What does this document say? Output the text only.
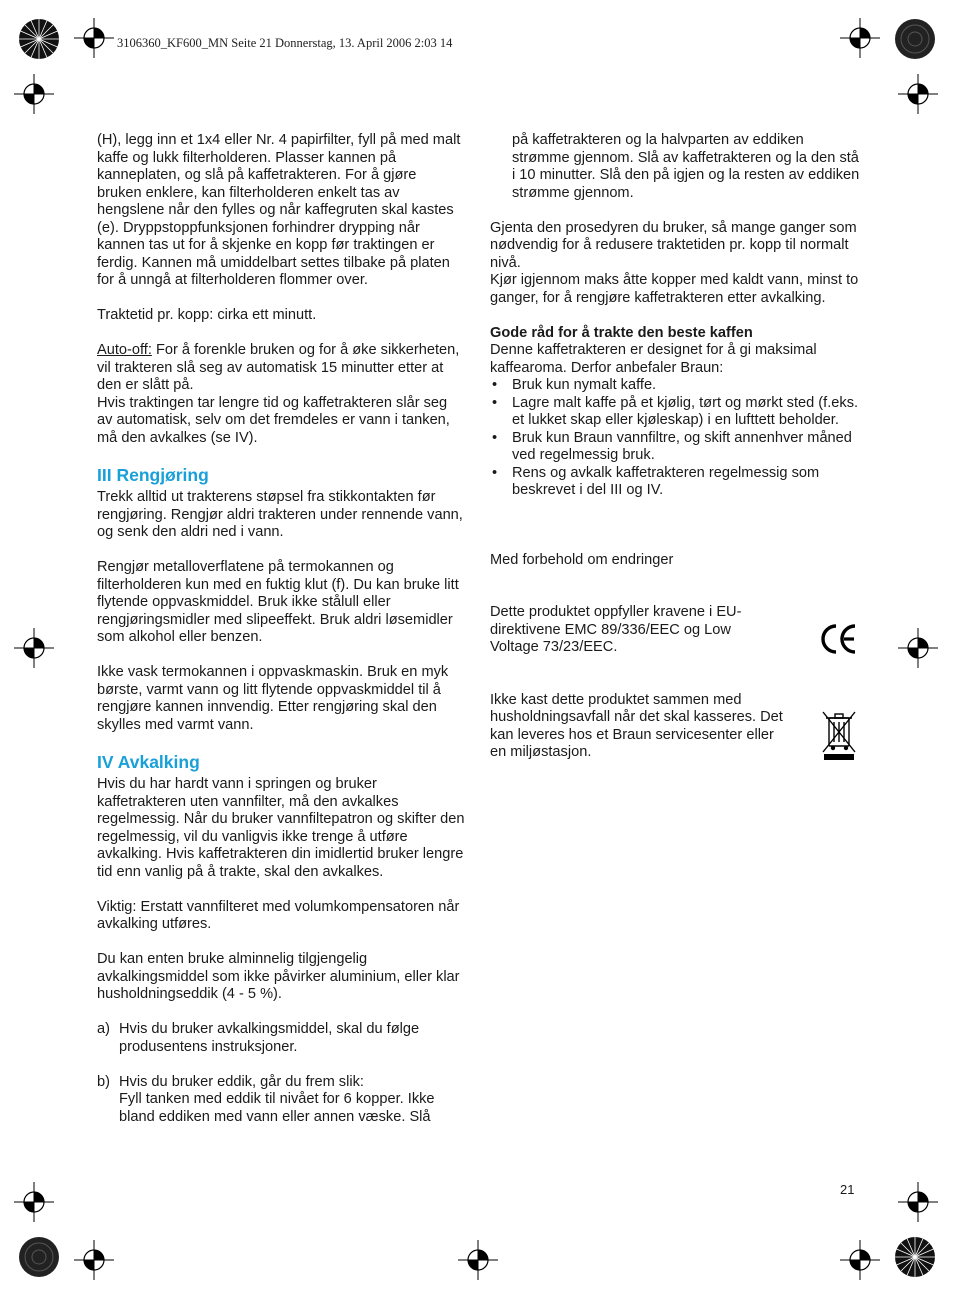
3106360_KF600_MN Seite 21 Donnerstag, 13. April 2006 2:03 14

(H), legg inn et 1x4 eller Nr. 4 papirfilter, fyll på med malt kaffe og lukk filterholderen. Plasser kannen på kanneplaten, og slå på kaffetrakteren. For å gjøre bruken enklere, kan filterholderen enkelt tas av hengslene når den fylles og når kaffegruten skal kastes (e). Dryppstoppfunksjonen forhindrer drypping når kannen tas ut for å skjenke en kopp før traktingen er ferdig. Kannen må umiddelbart settes tilbake på platen for å unngå at filterholderen flommer over.

Traktetid pr. kopp: cirka ett minutt.

Auto-off: For å forenkle bruken og for å øke sikkerheten, vil trakteren slå seg av automatisk 15 minutter etter at den er slått på.

Hvis traktingen tar lengre tid og kaffetrakteren slår seg av automatisk, selv om det fremdeles er vann i tanken, må den avkalkes (se IV).

III Rengjøring

Trekk alltid ut trakterens støpsel fra stikkontakten før rengjøring. Rengjør aldri trakteren under rennende vann, og senk den aldri ned i vann.

Rengjør metalloverflatene på termokannen og filterholderen kun med en fuktig klut (f). Du kan bruke litt flytende oppvaskmiddel. Bruk ikke stålull eller rengjøringsmidler med slipeeffekt. Bruk aldri løsemidler som alkohol eller benzen.

Ikke vask termokannen i oppvaskmaskin. Bruk en myk børste, varmt vann og litt flytende oppvaskmiddel til å rengjøre kannen innvendig. Etter rengjøring skal den skylles med varmt vann.

IV Avkalking

Hvis du har hardt vann i springen og bruker kaffetrakteren uten vannfilter, må den avkalkes regelmessig. Når du bruker vannfiltepatron og skifter den regelmessig, vil du vanligvis ikke trenge å utføre avkalking. Hvis kaffetrakteren din imidlertid bruker lengre tid enn vanlig på å trakte, skal den avkalkes.

Viktig: Erstatt vannfilteret med volumkompensatoren når avkalking utføres.

Du kan enten bruke alminnelig tilgjengelig avkalkingsmiddel som ikke påvirker aluminium, eller klar husholdningseddik (4 - 5 %).

a) Hvis du bruker avkalkingsmiddel, skal du følge produsentens instruksjoner.
b) Hvis du bruker eddik, går du frem slik:
Fyll tanken med eddik til nivået for 6 kopper. Ikke bland eddiken med vann eller annen væske. Slå

på kaffetrakteren og la halvparten av eddiken strømme gjennom. Slå av kaffetrakteren og la den stå i 10 minutter. Slå den på igjen og la resten av eddiken strømme gjennom.

Gjenta den prosedyren du bruker, så mange ganger som nødvendig for å redusere traktetiden pr. kopp til normalt nivå.

Kjør igjennom maks åtte kopper med kaldt vann, minst to ganger, for å rengjøre kaffetrakteren etter avkalking.

Gode råd for å trakte den beste kaffen

Denne kaffetrakteren er designet for å gi maksimal kaffearoma. Derfor anbefaler Braun:

•	Bruk kun nymalt kaffe.
•	Lagre malt kaffe på et kjølig, tørt og mørkt sted (f.eks. et lukket skap eller kjøleskap) i en lufttett beholder.
•	Bruk kun Braun vannfiltre, og skift annenhver måned ved regelmessig bruk.
•	Rens og avkalk kaffetrakteren regelmessig som beskrevet i del III og IV.

Med forbehold om endringer

Dette produktet oppfyller kravene i EU-direktivene EMC 89/336/EEC og Low Voltage 73/23/EEC.

Ikke kast dette produktet sammen med husholdningsavfall når det skal kasseres. Det kan leveres hos et Braun servicesenter eller en miljøstasjon.

21
